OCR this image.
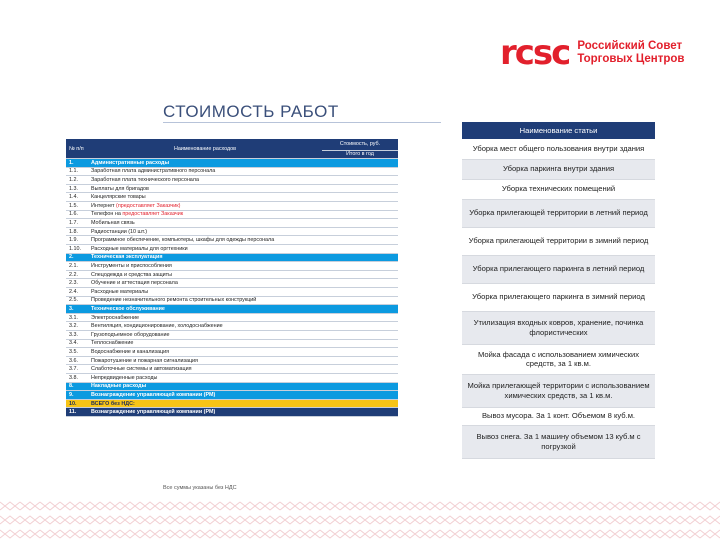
rcsc Российский Совет
Торговых Центров
СТОИМОСТЬ РАБОТ
№ п/п	Наименование расходов	Стоимость, руб.
		Итого в год
1.	Административные расходы	
1.1.	Заработная плата административного персонала	
1.2.	Заработная плата технического персонала	
1.3.	Выплаты для бригадов	
1.4.	Канцелярские товары	
1.5.	Интернет (предоставляет Заказчик)	
1.6.	Телефон на предоставляет Заказчик	
1.7.	Мобильная связь	
1.8.	Радиостанции (10 шт.)	
1.9.	Программное обеспечение, компьютеры, шкафы для одежды персонала	
1.10.	Расходные материалы для оргтехники	
2.	Техническая эксплуатация	
2.1.	Инструменты и приспособления	
2.2.	Спецодежда и средства защиты	
2.3.	Обучение и аттестация персонала	
2.4.	Расходные материалы	
2.5.	Проведение незначительного ремонта строительных конструкций	
3.	Техническое обслуживание	
3.1.	Электроснабжение	
3.2.	Вентиляция, кондиционирование, холодоснабжение	
3.3.	Грузоподъемное оборудование	
3.4.	Теплоснабжение	
3.5.	Водоснабжение и канализация	
3.6.	Пожаротушение и пожарная сигнализация	
3.7.	Слаботочные системы и автоматизация	
3.8.	Непредвиденные расходы	
8.	Накладные расходы	
9.	Вознаграждение управляющей компании (РМ)	
10.	ВСЕГО без НДС:	
11.	Вознаграждение управляющей компании (РМ)	
Все суммы указаны без НДС
Наименование статьи
Уборка мест общего пользования внутри здания
Уборка паркинга внутри здания
Уборка технических помещений
Уборка прилегающей территории в летний период
Уборка прилегающей территории в зимний период
Уборка прилегающего паркинга в летний период
Уборка прилегающего паркинга в зимний период
Утилизация входных ковров, хранение, починка флористических
Мойка фасада с использованием химических средств, за 1 кв.м.
Мойка прилегающей территории с использованием химических средств, за 1 кв.м.
Вывоз мусора. За 1 конт. Объемом 8 куб.м.
Вывоз снега. За 1 машину объемом 13 куб.м с погрузкой
